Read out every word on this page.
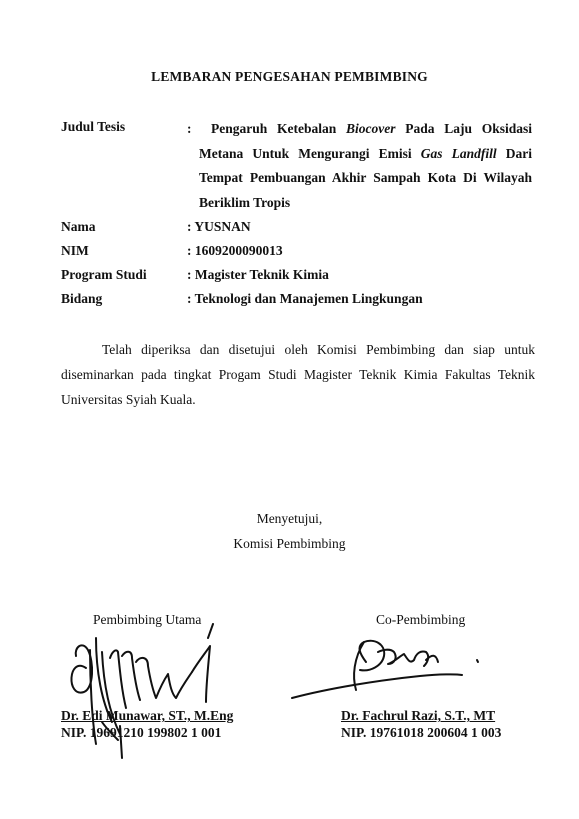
LEMBARAN PENGESAHAN PEMBIMBING
Judul Tesis	: Pengaruh Ketebalan Biocover Pada Laju Oksidasi
Metana Untuk Mengurangi Emisi Gas Landfill Dari
Tempat Pembuangan Akhir Sampah Kota Di Wilayah
Beriklim Tropis
Nama	: YUSNAN
NIM	: 1609200090013
Program Studi	: Magister Teknik Kimia
Bidang	: Teknologi dan Manajemen Lingkungan
Telah diperiksa dan disetujui oleh Komisi Pembimbing dan siap untuk diseminarkan pada tingkat Progam Studi Magister Teknik Kimia Fakultas Teknik Universitas Syiah Kuala.
Menyetujui,
Komisi Pembimbing
Pembimbing Utama
Dr. Edi Munawar, ST., M.Eng
NIP. 19691210 199802 1 001
Co-Pembimbing
Dr. Fachrul Razi, S.T., MT
NIP. 19761018 200604 1 003
